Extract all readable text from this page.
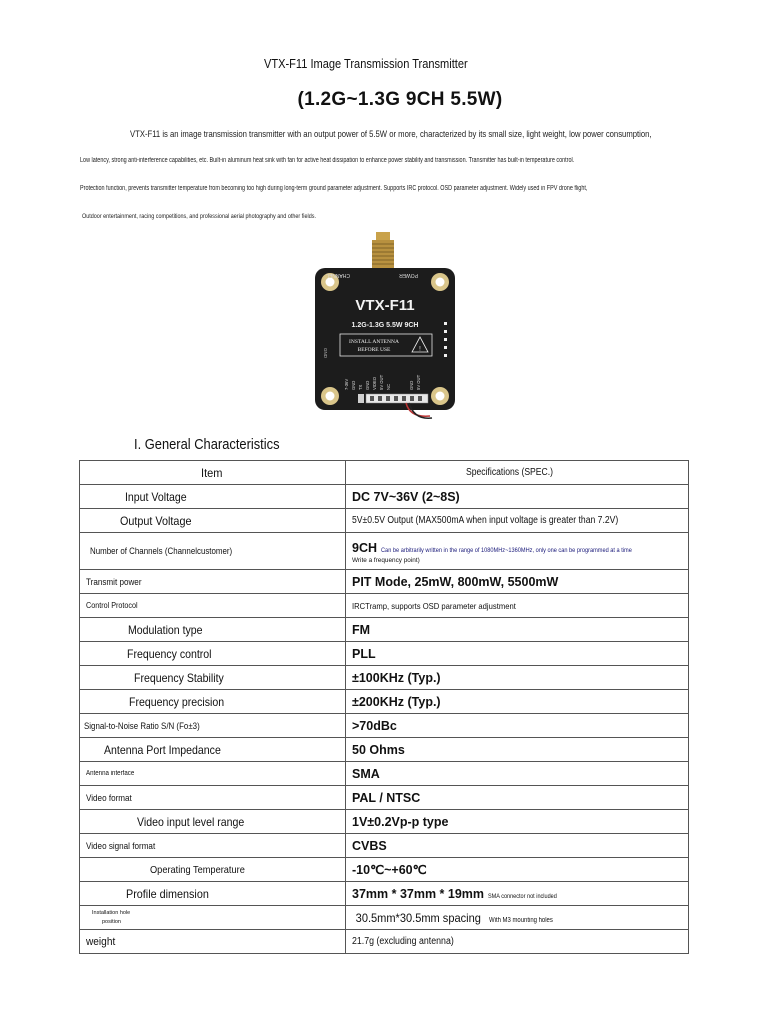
VTX-F11 Image Transmission Transmitter
(1.2G~1.3G 9CH 5.5W)
VTX-F11 is an image transmission transmitter with an output power of 5.5W or more, characterized by its small size, light weight, low power consumption,
Low latency, strong anti-interference capabilities, etc. Built-in aluminum heat sink with fan for active heat dissipation to enhance power stability and transmission. Transmitter has built-in temperature control.
Protection function, prevents transmitter temperature from becoming too high during long-term ground parameter adjustment. Supports IRC protocol. OSD parameter adjustment. Widely used in FPV drone flight,
Outdoor entertainment, racing competitions, and professional aerial photography and other fields.
CHANNEL	POWER
VTX-F11
1.2G-1.3G 5.5W 9CH
INSTALL ANTENNA
BEFORE USE	!
GND
7-36V GND TX GND VIDEO 5V OUT NC	GND 5V OUT
I. General Characteristics
Item	Specifications (SPEC.)
Input Voltage	DC 7V~36V (2~8S)
Output Voltage	5V±0.5V Output (MAX500mA when input voltage is greater than 7.2V)
Number of Channels (Channelcustomer)	9CH Can be arbitrarily written in the range of 1080MHz~1360MHz, only one can be programmed at a time
Write a frequency point)

Transmit power	PIT Mode, 25mW, 800mW, 5500mW
Control Protocol	IRCTramp, supports OSD parameter adjustment
Modulation type	FM
Frequency control	PLL
Frequency Stability	±100KHz (Typ.)
Frequency precision	±200KHz (Typ.)
Signal-to-Noise Ratio S/N (Fo±3)	>70dBc
Antenna Port Impedance	50 Ohms
Antenna interface	SMA
Video format	PAL / NTSC
Video input level range	1V±0.2Vp-p type
Video signal format	CVBS
Operating Temperature	-10℃~+60℃
Profile dimension	37mm * 37mm * 19mm SMA connector not included

Installation hole
position	30.5mm*30.5mm spacing With M3 mounting holes
weight	21.7g (excluding antenna)
